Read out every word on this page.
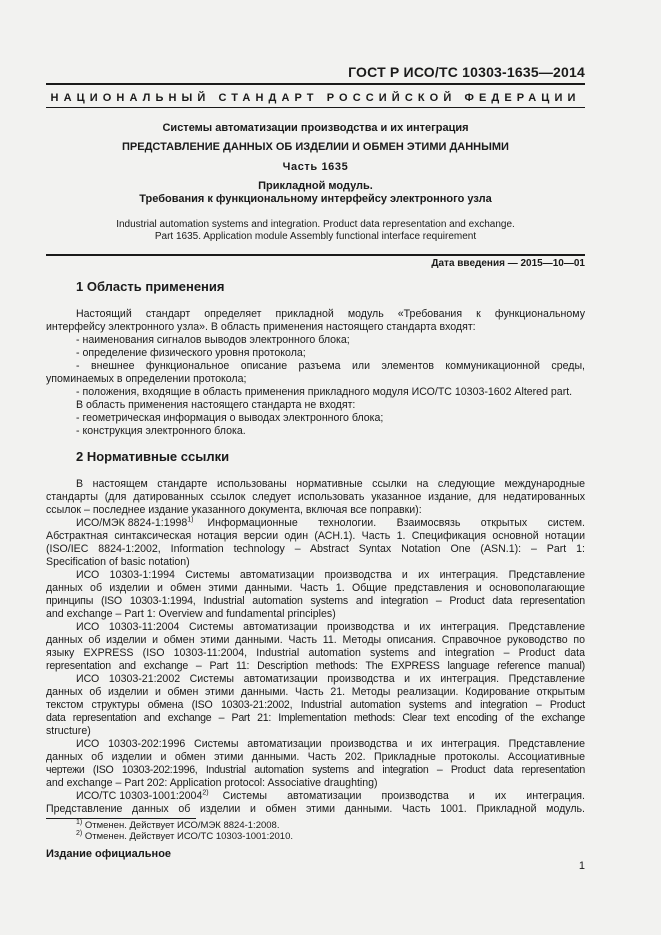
ГОСТ Р ИСО/ТС 10303-1635—2014
НАЦИОНАЛЬНЫЙ СТАНДАРТ РОССИЙСКОЙ ФЕДЕРАЦИИ
Системы автоматизации производства и их интеграция
ПРЕДСТАВЛЕНИЕ ДАННЫХ ОБ ИЗДЕЛИИ И ОБМЕН ЭТИМИ ДАННЫМИ
Часть 1635
Прикладной модуль.
Требования к функциональному интерфейсу электронного узла
Industrial automation systems and integration. Product data representation and exchange.
Part 1635. Application module Assembly functional interface requirement
Дата введения — 2015—10—01
1 Область применения
Настоящий стандарт определяет прикладной модуль «Требования к функциональному
интерфейсу электронного узла». В область применения настоящего стандарта входят:
- наименования сигналов выводов электронного блока;
- определение физического уровня протокола;
- внешнее функциональное описание разъема или элементов коммуникационной среды,
упоминаемых в определении протокола;
- положения, входящие в область применения прикладного модуля ИСО/ТС 10303-1602 Altered part.
В область применения настоящего стандарта не входят:
- геометрическая информация о выводах электронного блока;
- конструкция электронного блока.
2 Нормативные ссылки
В настоящем стандарте использованы нормативные ссылки на следующие международные
стандарты (для датированных ссылок следует использовать указанное издание, для недатированных
ссылок – последнее издание указанного документа, включая все поправки):
ИСО/МЭК 8824-1:1998$^{1)}$ Информационные технологии. Взаимосвязь открытых систем.
Абстрактная синтаксическая нотация версии один (АСН.1). Часть 1. Спецификация основной нотации
(ISO/IEC 8824-1:2002, Information technology – Abstract Syntax Notation One (ASN.1): – Part 1:
Specification of basic notation)
ИСО 10303-1:1994 Системы автоматизации производства и их интеграция. Представление
данных об изделии и обмен этими данными. Часть 1. Общие представления и основополагающие
принципы (ISO 10303-1:1994, Industrial automation systems and integration – Product data representation
and exchange – Part 1: Overview and fundamental principles)
ИСО 10303-11:2004 Системы автоматизации производства и их интеграция. Представление
данных об изделии и обмен этими данными. Часть 11. Методы описания. Справочное руководство по
языку EXPRESS (ISO 10303-11:2004, Industrial automation systems and integration – Product data
representation and exchange – Part 11: Description methods: The EXPRESS language reference manual)
ИСО 10303-21:2002 Системы автоматизации производства и их интеграция. Представление
данных об изделии и обмен этими данными. Часть 21. Методы реализации. Кодирование открытым
текстом структуры обмена (ISO 10303-21:2002, Industrial automation systems and integration – Product
data representation and exchange – Part 21: Implementation methods: Clear text encoding of the exchange
structure)
ИСО 10303-202:1996 Системы автоматизации производства и их интеграция. Представление
данных об изделии и обмен этими данными. Часть 202. Прикладные протоколы. Ассоциативные
чертежи (ISO 10303-202:1996, Industrial automation systems and integration – Product data representation
and exchange – Part 202: Application protocol: Associative draughting)
ИСО/ТС 10303-1001:2004$^{2)}$ Системы автоматизации производства и их интеграция.
Представление данных об изделии и обмен этими данными. Часть 1001. Прикладной модуль.
$^{1)}$ Отменен. Действует ИСО/МЭК 8824-1:2008.
$^{2)}$ Отменен. Действует ИСО/ТС 10303-1001:2010.
Издание официальное
1
